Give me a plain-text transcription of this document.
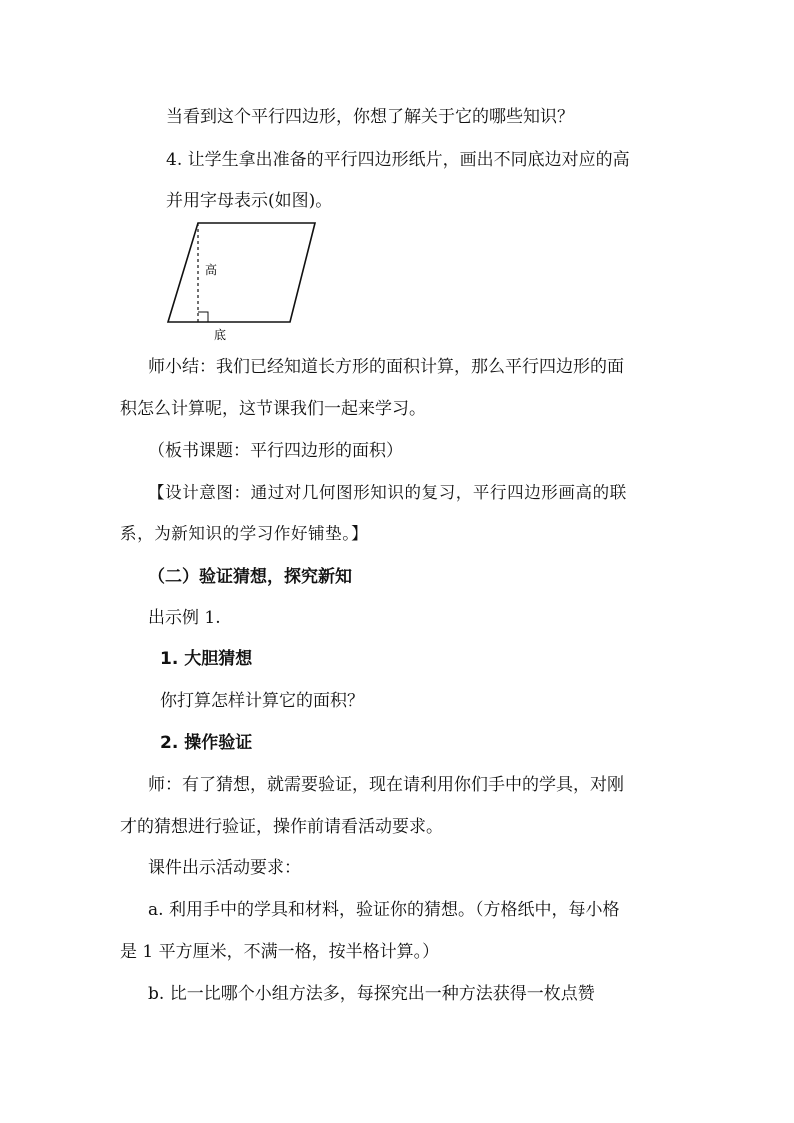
当看到这个平行四边形，你想了解关于它的哪些知识？
4. 让学生拿出准备的平行四边形纸片，画出不同底边对应的高
并用字母表示(如图)。
高
底
师小结：我们已经知道长方形的面积计算，那么平行四边形的面
积怎么计算呢，这节课我们一起来学习。
（板书课题：平行四边形的面积）
【设计意图：通过对几何图形知识的复习，平行四边形画高的联
系，为新知识的学习作好铺垫。】
（二）验证猜想，探究新知
出示例 1.
1. 大胆猜想
你打算怎样计算它的面积？
2. 操作验证
师：有了猜想，就需要验证，现在请利用你们手中的学具，对刚
才的猜想进行验证，操作前请看活动要求。
课件出示活动要求：
a. 利用手中的学具和材料，验证你的猜想。（方格纸中，每小格
是 1 平方厘米，不满一格，按半格计算。）
b. 比一比哪个小组方法多，每探究出一种方法获得一枚点赞
